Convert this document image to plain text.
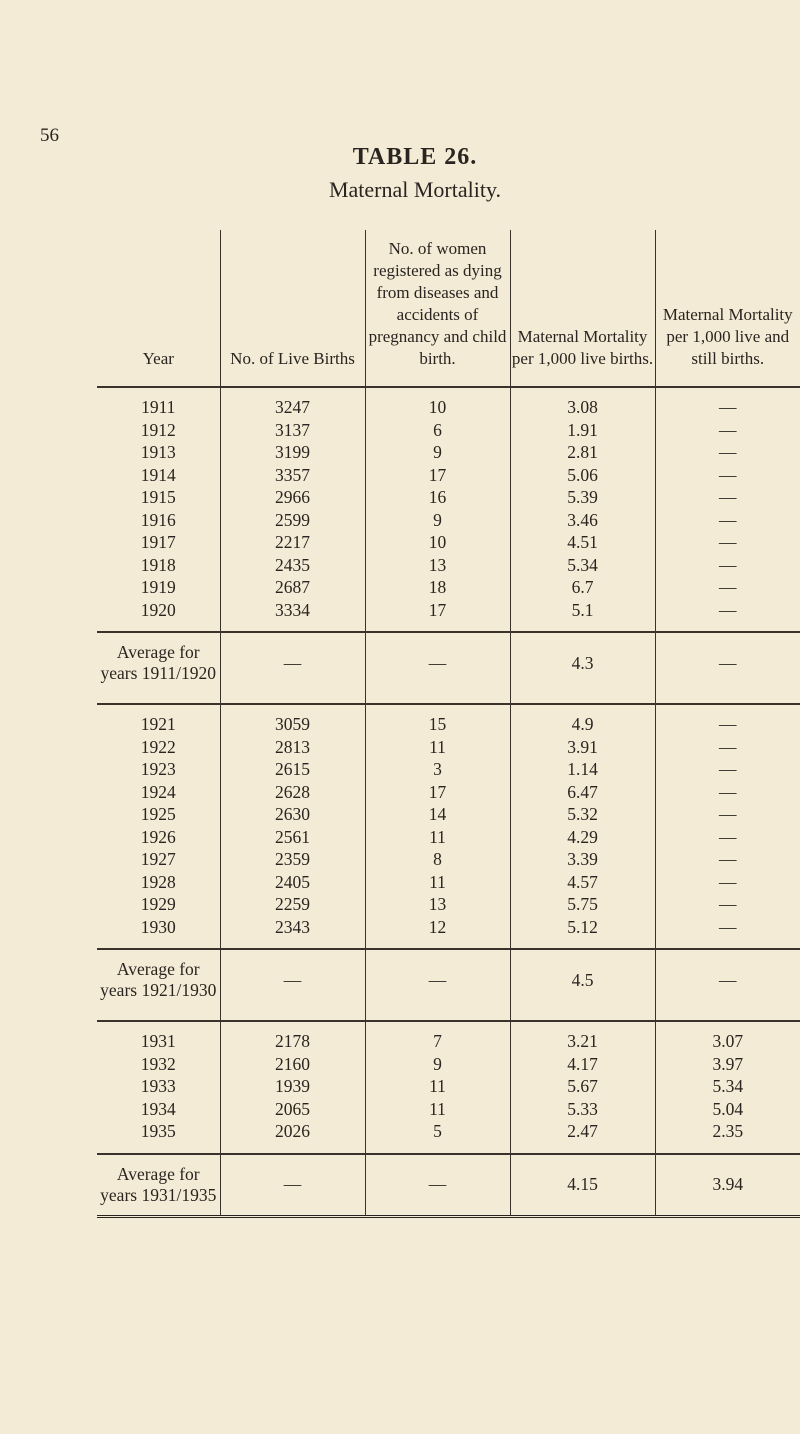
56
TABLE 26.
Maternal Mortality.
Year	No. of Live Births	No. of women registered as dying from diseases and accidents of pregnancy and child birth.	Maternal Mortality per 1,000 live births.	Maternal Mortality per 1,000 live and still births.

1911	3247	10	3.08	—
1912	3137	6	1.91	—
1913	3199	9	2.81	—
1914	3357	17	5.06	—
1915	2966	16	5.39	—
1916	2599	9	3.46	—
1917	2217	10	4.51	—
1918	2435	13	5.34	—
1919	2687	18	6.7	—
1920	3334	17	5.1	—

Average for years 1911/1920	—	—	4.3	—

1921	3059	15	4.9	—
1922	2813	11	3.91	—
1923	2615	3	1.14	—
1924	2628	17	6.47	—
1925	2630	14	5.32	—
1926	2561	11	4.29	—
1927	2359	8	3.39	—
1928	2405	11	4.57	—
1929	2259	13	5.75	—
1930	2343	12	5.12	—

Average for years 1921/1930	—	—	4.5	—

1931	2178	7	3.21	3.07
1932	2160	9	4.17	3.97
1933	1939	11	5.67	5.34
1934	2065	11	5.33	5.04
1935	2026	5	2.47	2.35

Average for years 1931/1935	—	—	4.15	3.94
